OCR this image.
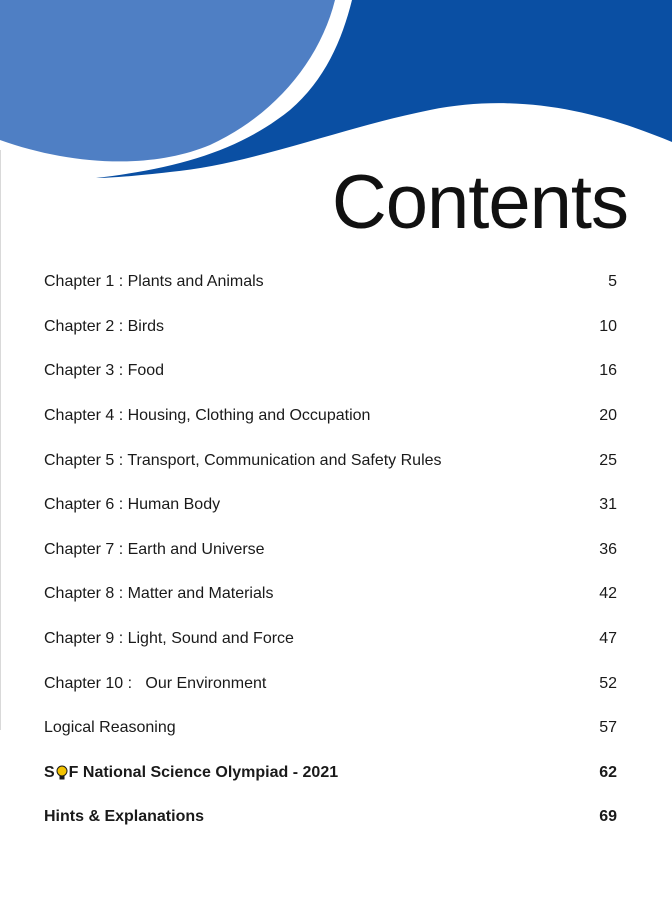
Contents
Chapter 1 : Plants and Animals	5
Chapter 2 : Birds	10
Chapter 3 : Food	16
Chapter 4 : Housing, Clothing and Occupation	20
Chapter 5 : Transport, Communication and Safety Rules	25
Chapter 6 : Human Body	31
Chapter 7 : Earth and Universe	36
Chapter 8 : Matter and Materials	42
Chapter 9 : Light, Sound and Force	47
Chapter 10 :   Our Environment	52
Logical Reasoning	57
S F National Science Olympiad - 2021	62
Hints & Explanations	69
